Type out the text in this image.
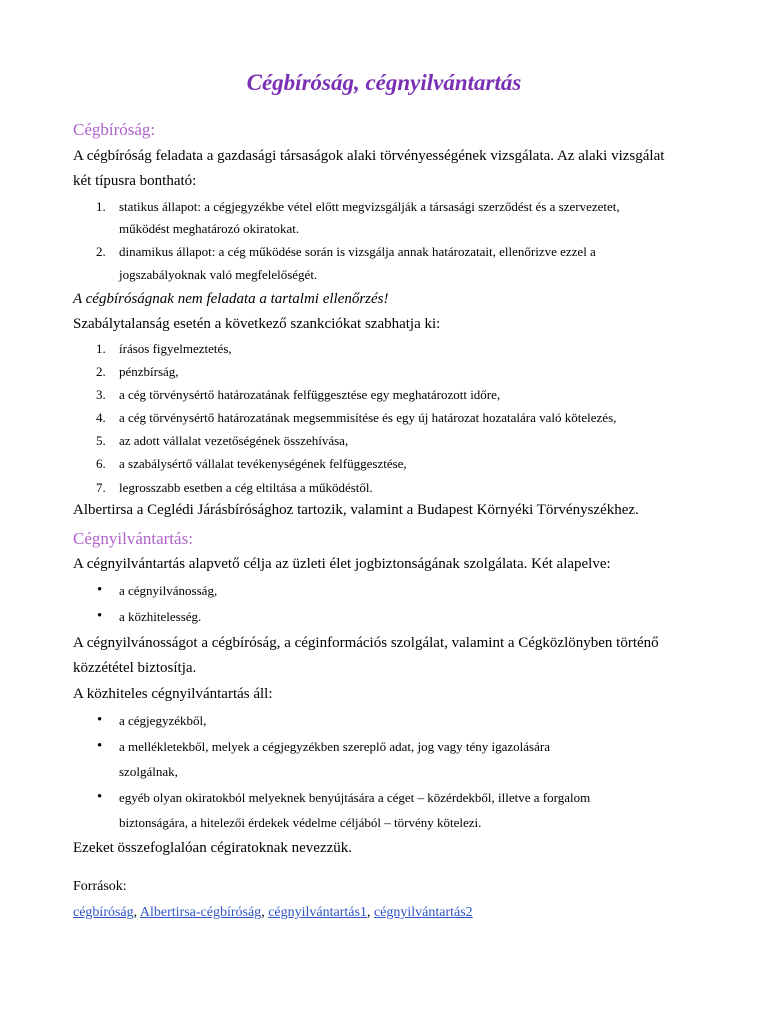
Cégbíróság, cégnyilvántartás
Cégbíróság:
A cégbíróság feladata a gazdasági társaságok alaki törvényességének vizsgálata. Az alaki vizsgálat
két típusra bontható:
1. statikus állapot: a cégjegyzékbe vétel előtt megvizsgálják a társasági szerződést és a szervezetet,
működést meghatározó okiratokat.
2. dinamikus állapot: a cég működése során is vizsgálja annak határozatait, ellenőrizve ezzel a
jogszabályoknak való megfelelőségét.
A cégbíróságnak nem feladata a tartalmi ellenőrzés!
Szabálytalanság esetén a következő szankciókat szabhatja ki:
1. írásos figyelmeztetés,
2. pénzbírság,
3. a cég törvénysértő határozatának felfüggesztése egy meghatározott időre,
4. a cég törvénysértő határozatának megsemmisítése és egy új határozat hozatalára való kötelezés,
5. az adott vállalat vezetőségének összehívása,
6. a szabálysértő vállalat tevékenységének felfüggesztése,
7. legrosszabb esetben a cég eltiltása a működéstől.
Albertirsa a Ceglédi Járásbírósághoz tartozik, valamint a Budapest Környéki Törvényszékhez.
Cégnyilvántartás:
A cégnyilvántartás alapvető célja az üzleti élet jogbiztonságának szolgálata. Két alapelve:
• a cégnyilvánosság,
• a közhitelesség.
A cégnyilvánosságot a cégbíróság, a céginformációs szolgálat, valamint a Cégközlönyben történő
közzététel biztosítja.
A közhiteles cégnyilvántartás áll:
• a cégjegyzékből,
• a mellékletekből, melyek a cégjegyzékben szereplő adat, jog vagy tény igazolására
szolgálnak,
• egyéb olyan okiratokból melyeknek benyújtására a céget – közérdekből, illetve a forgalom
biztonságára, a hitelezői érdekek védelme céljából – törvény kötelezi.
Ezeket összefoglalóan cégiratoknak nevezzük.
Források:
cégbíróság, Albertirsa-cégbíróság, cégnyilvántartás1, cégnyilvántartás2
